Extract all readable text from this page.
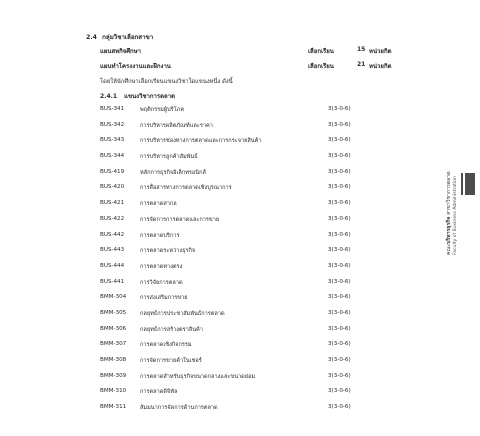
2.4 กลุ่มวิชาเลือกสาขา
แผนสหกิจศึกษา	เลือกเรียน	15 หน่วยกิต
แผนทำโครงงานและฝึกงาน	เลือกเรียน	21 หน่วยกิต
โดยให้นักศึกษาเลือกเรียนแขนงวิชาใดแขนงหนึ่ง ดังนี้
2.4.1 แขนงวิชาการตลาด
BUS-341	พฤติกรรมผู้บริโภค	3(3-0-6)
BUS-342	การบริหารผลิตภัณฑ์และราคา	3(3-0-6)
BUS-343	การบริหารช่องทางการตลาดและการกระจายสินค้า	3(3-0-6)
BUS-344	การบริหารลูกค้าสัมพันธ์	3(3-0-6)
BUS-419	หลักการธุรกิจอิเล็กทรอนิกส์	3(3-0-6)
BUS-420	การสื่อสารทางการตลาดเชิงบูรณาการ	3(3-0-6)
BUS-421	การตลาดสากล	3(3-0-6)
BUS-422	การจัดการการตลาดและการขาย	3(3-0-6)
BUS-442	การตลาดบริการ	3(3-0-6)
BUS-443	การตลาดระหว่างธุรกิจ	3(3-0-6)
BUS-444	การตลาดทางตรง	3(3-0-6)
BUS-441	การวิจัยการตลาด	3(3-0-6)
BMM-304 การส่งเสริมการขาย	3(3-0-6)
BMM-305 กลยุทธ์การประชาสัมพันธ์การตลาด	3(3-0-6)
BMM-306 กลยุทธ์การสร้างตราสินค้า	3(3-0-6)
BMM-307 การตลาดเชิงกิจกรรม	3(3-0-6)
BMM-308 การจัดการขายค้าในเชอร์	3(3-0-6)
BMM-309 การตลาดสำหรับธุรกิจขนาดกลางและขนาดย่อม	3(3-0-6)
BMM-310 การตลาดดิจิทัล	3(3-0-6)
BMM-311 สัมมนาการจัดการด้านการตลาด	3(3-0-6)
คณะบริหารธุรกิจ สาขาวิชาการตลาด Faculty of Business Administration
